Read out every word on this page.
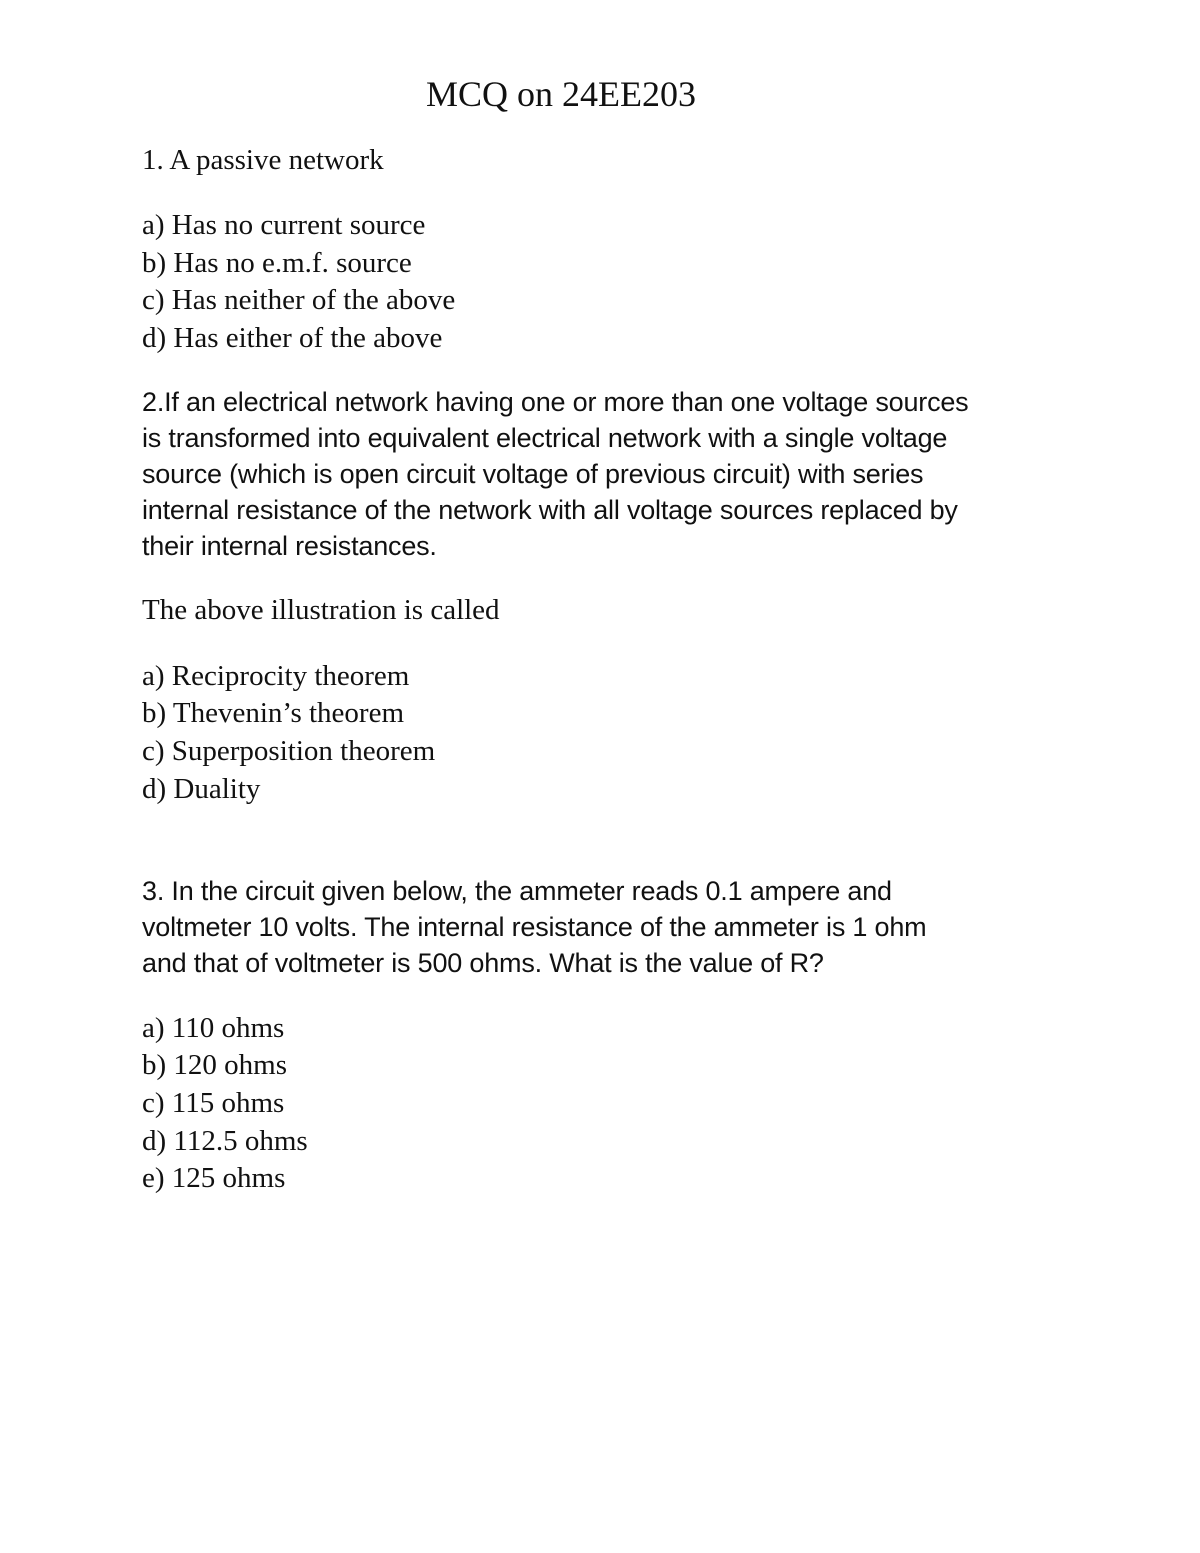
MCQ on 24EE203
1. A passive network
a) Has no current source
b) Has no e.m.f. source
c) Has neither of the above
d) Has either of the above
2.If an electrical network having one or more than one voltage sources
is transformed into equivalent electrical network with a single voltage
source (which is open circuit voltage of previous circuit) with series
internal resistance of the network with all voltage sources replaced by
their internal resistances.
The above illustration is called
a) Reciprocity theorem
b) Thevenin’s theorem
c) Superposition theorem
d) Duality
3. In the circuit given below, the ammeter reads 0.1 ampere and
voltmeter 10 volts. The internal resistance of the ammeter is 1 ohm
and that of voltmeter is 500 ohms. What is the value of R?
a) 110 ohms
b) 120 ohms
c) 115 ohms
d) 112.5 ohms
e) 125 ohms
